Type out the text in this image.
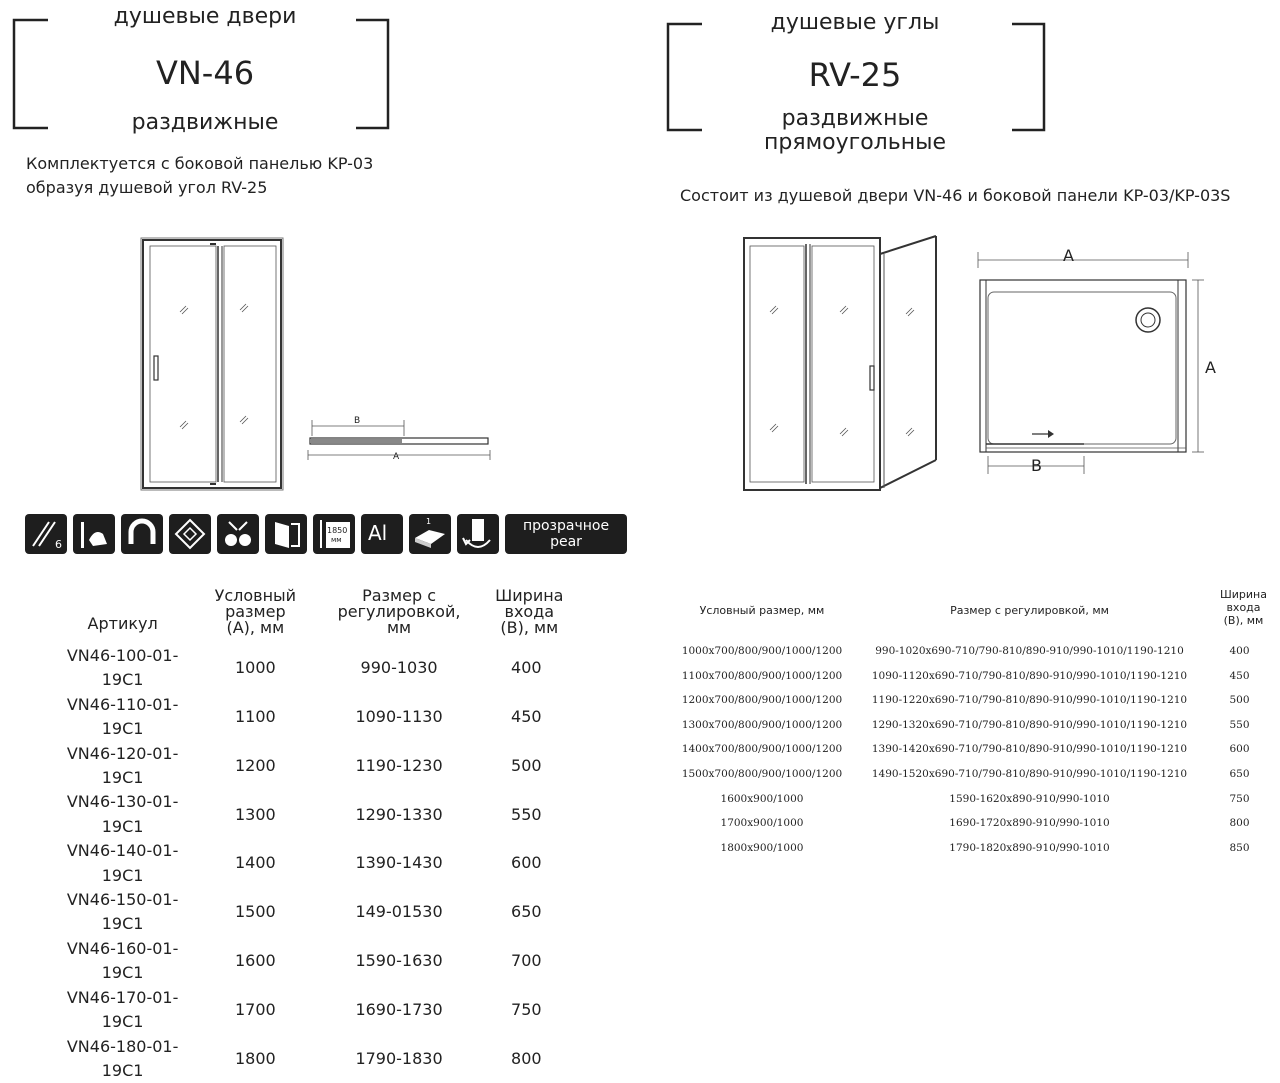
душевые двери
VN-46
раздвижные
Комплектуется с боковой панелью KP-03
образуя душевой угол RV-25
B
A
6
1850
мм Al	1	прозрачное
pear
Артикул	Условный размер (A), мм	Размер с регулировкой, мм	Ширина входа (B), мм
VN46-100-01-19C1	1000	990-1030	400
VN46-110-01-19C1	1100	1090-1130	450
VN46-120-01-19C1	1200	1190-1230	500
VN46-130-01-19C1	1300	1290-1330	550
VN46-140-01-19C1	1400	1390-1430	600
VN46-150-01-19C1	1500	149-01530	650
VN46-160-01-19C1	1600	1590-1630	700
VN46-170-01-19C1	1700	1690-1730	750
VN46-180-01-19C1	1800	1790-1830	800
душевые углы
RV-25
раздвижные
прямоугольные
Состоит из душевой двери VN-46 и боковой панели KP-03/KP-03S
A
A
B
Условный размер, мм	Размер с регулировкой, мм	Ширина входа (B), мм
1000x700/800/900/1000/1200	990-1020x690-710/790-810/890-910/990-1010/1190-1210	400
1100x700/800/900/1000/1200	1090-1120x690-710/790-810/890-910/990-1010/1190-1210	450
1200x700/800/900/1000/1200	1190-1220x690-710/790-810/890-910/990-1010/1190-1210	500
1300x700/800/900/1000/1200	1290-1320x690-710/790-810/890-910/990-1010/1190-1210	550
1400x700/800/900/1000/1200	1390-1420x690-710/790-810/890-910/990-1010/1190-1210	600
1500x700/800/900/1000/1200	1490-1520x690-710/790-810/890-910/990-1010/1190-1210	650
1600x900/1000	1590-1620x890-910/990-1010	750
1700x900/1000	1690-1720x890-910/990-1010	800
1800x900/1000	1790-1820x890-910/990-1010	850
